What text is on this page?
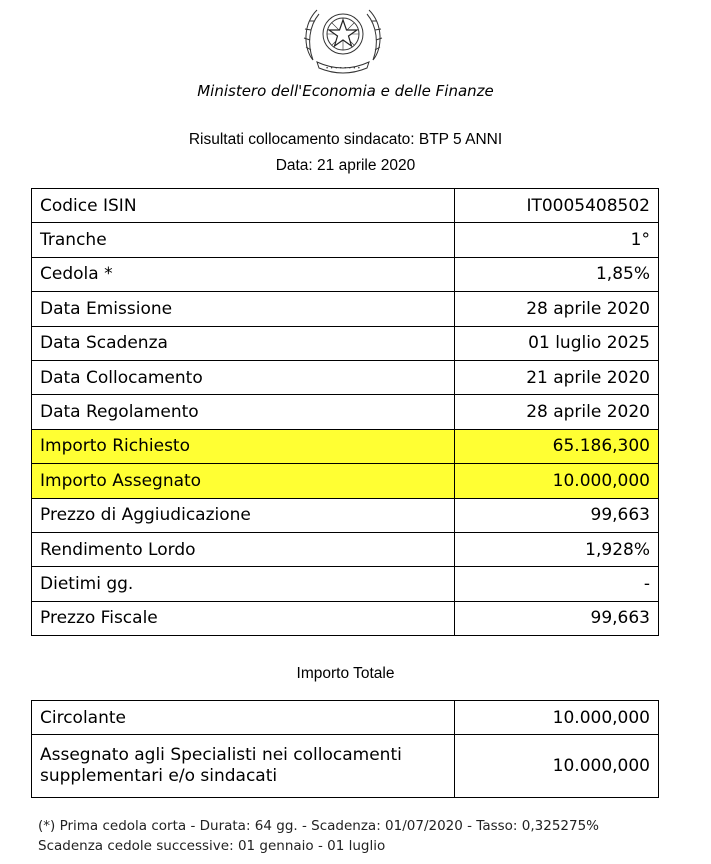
• • • • • • • •
Ministero dell'Economia e delle Finanze
Risultati collocamento sindacato: BTP 5 ANNI
Data: 21 aprile 2020
Codice ISIN	IT0005408502
Tranche	1°
Cedola *	1,85%
Data Emissione	28 aprile 2020
Data Scadenza	01 luglio 2025
Data Collocamento	21 aprile 2020
Data Regolamento	28 aprile 2020
Importo Richiesto	65.186,300
Importo Assegnato	10.000,000
Prezzo di Aggiudicazione	99,663
Rendimento Lordo	1,928%
Dietimi gg.	-
Prezzo Fiscale	99,663
Importo Totale
Circolante	10.000,000
Assegnato agli Specialisti nei collocamenti supplementari e/o sindacati	10.000,000
(*) Prima cedola corta - Durata: 64 gg. - Scadenza: 01/07/2020 - Tasso: 0,325275%
Scadenza cedole successive: 01 gennaio - 01 luglio
